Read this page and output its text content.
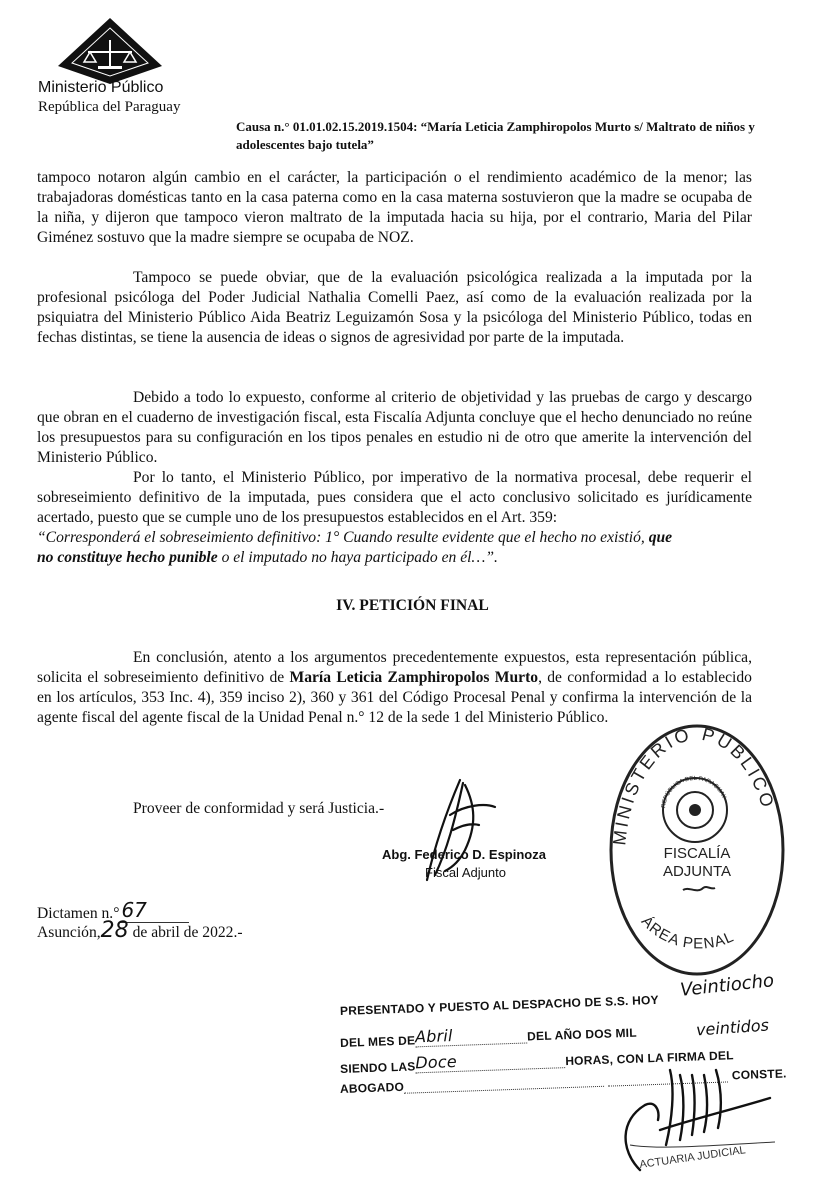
Ministerio Público
República del Paraguay
Causa n.° 01.01.02.15.2019.1504: “María Leticia Zamphiropolos Murto s/ Maltrato de niños y adolescentes bajo tutela”

tampoco notaron algún cambio en el carácter, la participación o el rendimiento académico de la menor; las trabajadoras domésticas tanto en la casa paterna como en la casa materna sostuvieron que la madre se ocupaba de la niña, y dijeron que tampoco vieron maltrato de la imputada hacia su hija, por el contrario, Maria del Pilar Giménez sostuvo que la madre siempre se ocupaba de NOZ.

Tampoco se puede obviar, que de la evaluación psicológica realizada a la imputada por la profesional psicóloga del Poder Judicial Nathalia Comelli Paez, así como de la evaluación realizada por la psiquiatra del Ministerio Público Aida Beatriz Leguizamón Sosa y la psicóloga del Ministerio Público, todas en fechas distintas, se tiene la ausencia de ideas o signos de agresividad por parte de la imputada.

Debido a todo lo expuesto, conforme al criterio de objetividad y las pruebas de cargo y descargo que obran en el cuaderno de investigación fiscal, esta Fiscalía Adjunta concluye que el hecho denunciado no reúne los presupuestos para su configuración en los tipos penales en estudio ni de otro que amerite la intervención del Ministerio Público.

Por lo tanto, el Ministerio Público, por imperativo de la normativa procesal, debe requerir el sobreseimiento definitivo de la imputada, pues considera que el acto conclusivo solicitado es jurídicamente acertado, puesto que se cumple uno de los presupuestos establecidos en el Art. 359:

“Corresponderá el sobreseimiento definitivo: 1° Cuando resulte evidente que el hecho no existió, que

no constituye hecho punible o el imputado no haya participado en él…”.

IV. PETICIÓN FINAL

En conclusión, atento a los argumentos precedentemente expuestos, esta representación pública, solicita el sobreseimiento definitivo de María Leticia Zamphiropolos Murto, de conformidad a lo establecido en los artículos, 353 Inc. 4), 359 inciso 2), 360 y 361 del Código Procesal Penal y confirma la intervención de la agente fiscal del agente fiscal de la Unidad Penal n.° 12 de la sede 1 del Ministerio Público.

Proveer de conformidad y será Justicia.-
Abg. Federico D. Espinoza
Fiscal Adjunto
MINISTERIO PÚBLICO
REPÚBLICA DEL PARAGUAY
FISCALÍA
ADJUNTA
ÁREA PENAL
Dictamen n.° 67
Asunción,28 de abril de 2022.-
Veintiocho
PRESENTADO Y PUESTO AL DESPACHO DE S.S. HOY
DEL MES DEAbril	DEL AÑO DOS MIL	veintidos
SIENDO LASDoce	HORAS, CON LA FIRMA DEL
ABOGADOCONSTE.
ACTUARIA JUDICIAL
